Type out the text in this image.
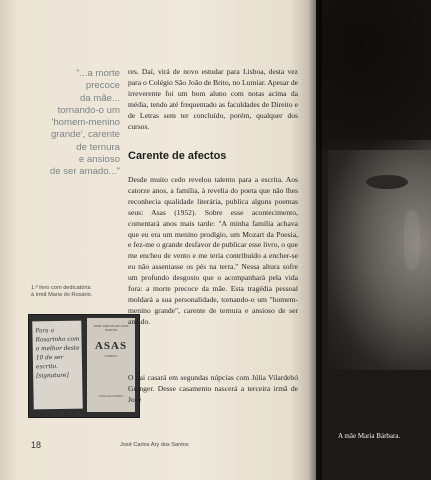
"...a morte
precoce
da mãe...
tornando-o um
'homem-menino
grande', carente
de ternura
e ansioso
de ser amado..."
1.º livro com dedicatória
à irmã Maria do Rosário.
Para a Rosarinho com o melhor deste 10 de ser escrito. [signature]
JOSÉ CARLOS ARY DOS SANTOS
ASAS
POEMAS
CASA DA MOEDA
res. Daí, virá de novo estudar para Lisboa, desta vez para o Colégio São João de Brito, no Lumiar. Apesar de irreverente foi um bom aluno com notas acima da média, tendo até frequentado as faculdades de Direito e de Letras sem ter concluído, porém, qualquer dos cursos.
Carente de afectos
Desde muito cedo revelou talento para a escrita. Aos catorze anos, a família, à revelia do poeta que não lhes reconhecia qualidade literária, publica alguns poemas seus: Asas (1952). Sobre esse acontecimento, comentará anos mais tarde: "A minha família achava que eu era um menino prodígio, um Mozart da Poesia, e fez-me o grande desfavor de publicar esse livro, o que me encheu de vento e me teria contribuído a encher-se eu não assentasse os pés na terra." Nessa altura sofre um profundo desgosto que o acompanhará pela vida fora: a morte precoce da mãe. Esta tragédia pessoal moldará a sua personalidade, tornando-o um "homem-menino grande", carente de ternura e ansioso de ser amado.
O pai casará em segundas núpcias com Júlia Vilardebó Granger. Desse casamento nascerá a terceira irmã de José
18	José Carlos Ary dos Santos
A mãe Maria Bárbara.
